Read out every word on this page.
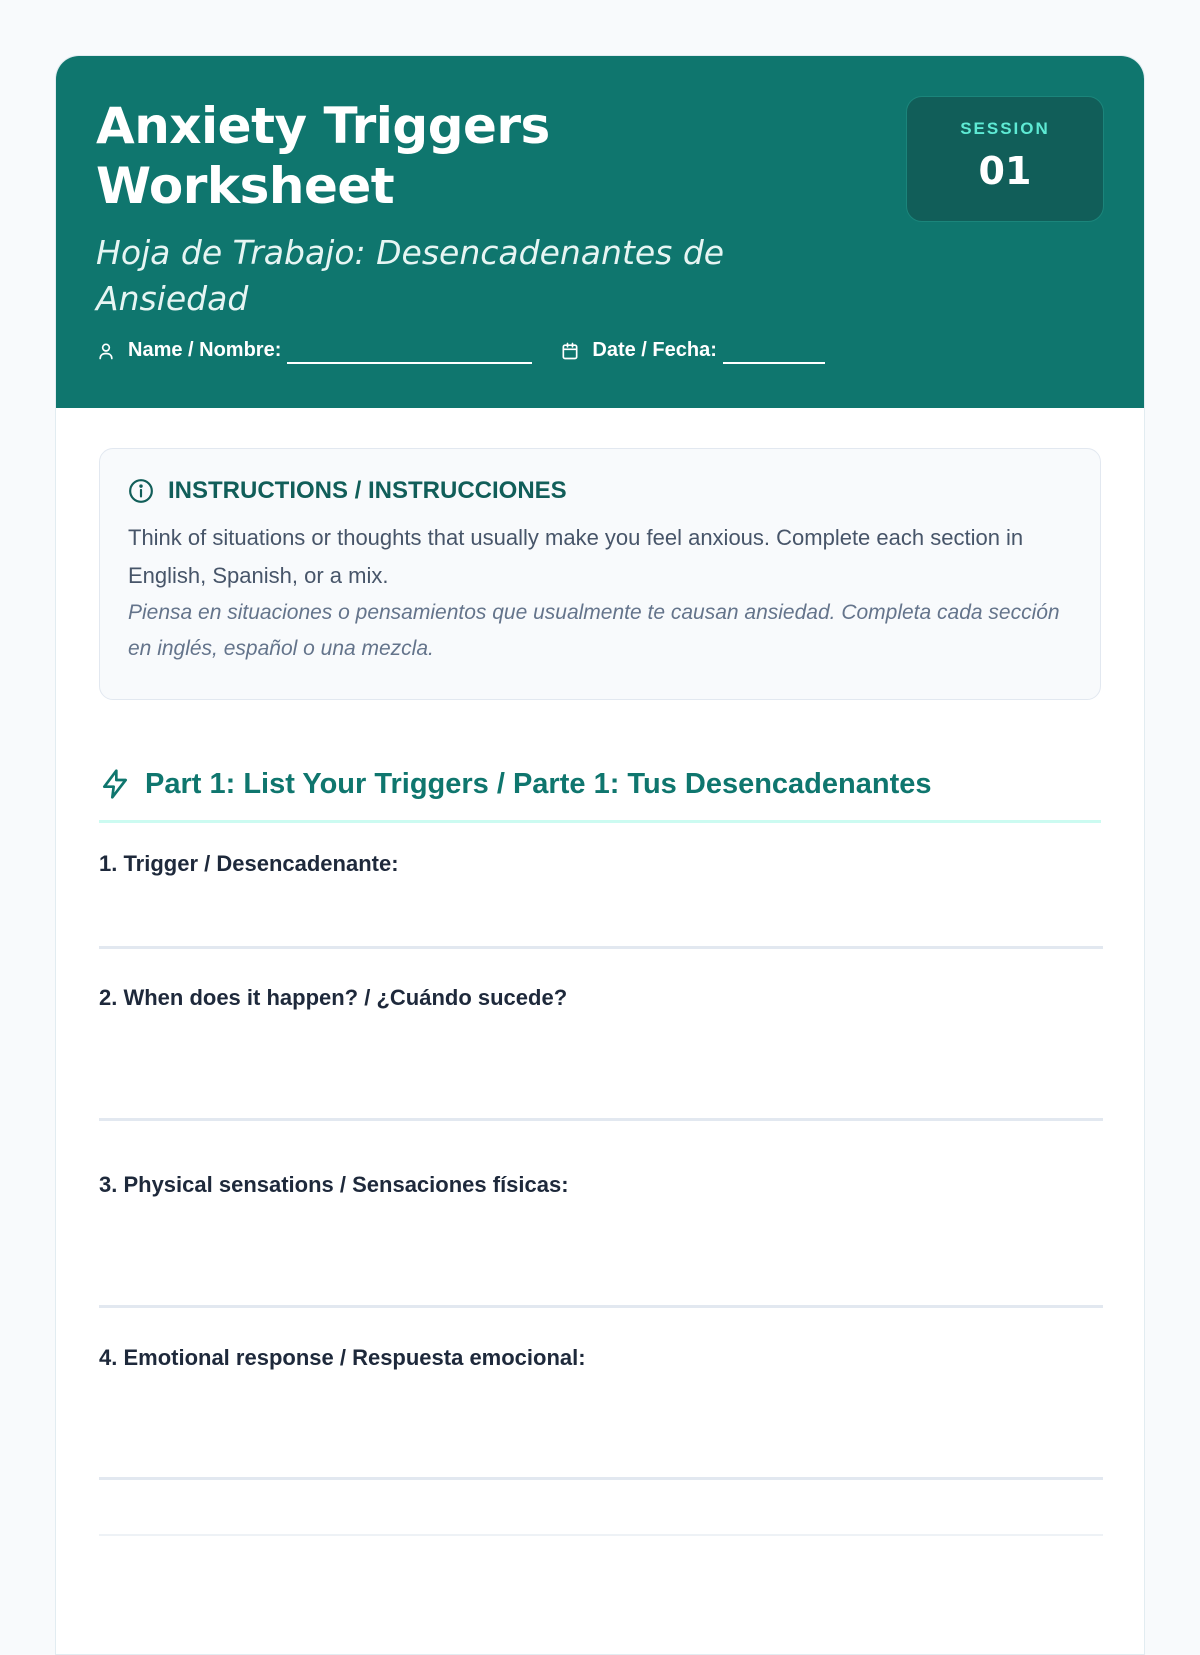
Anxiety Triggers Worksheet
Hoja de Trabajo: Desencadenantes de Ansiedad
Name / Nombre:	Date / Fecha:
SESSION
01
INSTRUCTIONS / INSTRUCCIONES

Think of situations or thoughts that usually make you feel anxious. Complete each section in English, Spanish, or a mix.

Piensa en situaciones o pensamientos que usualmente te causan ansiedad. Completa cada sección en inglés, español o una mezcla.

Part 1: List Your Triggers / Parte 1: Tus Desencadenantes
1. Trigger / Desencadenante:
2. When does it happen? / ¿Cuándo sucede?
3. Physical sensations / Sensaciones físicas:
4. Emotional response / Respuesta emocional:
